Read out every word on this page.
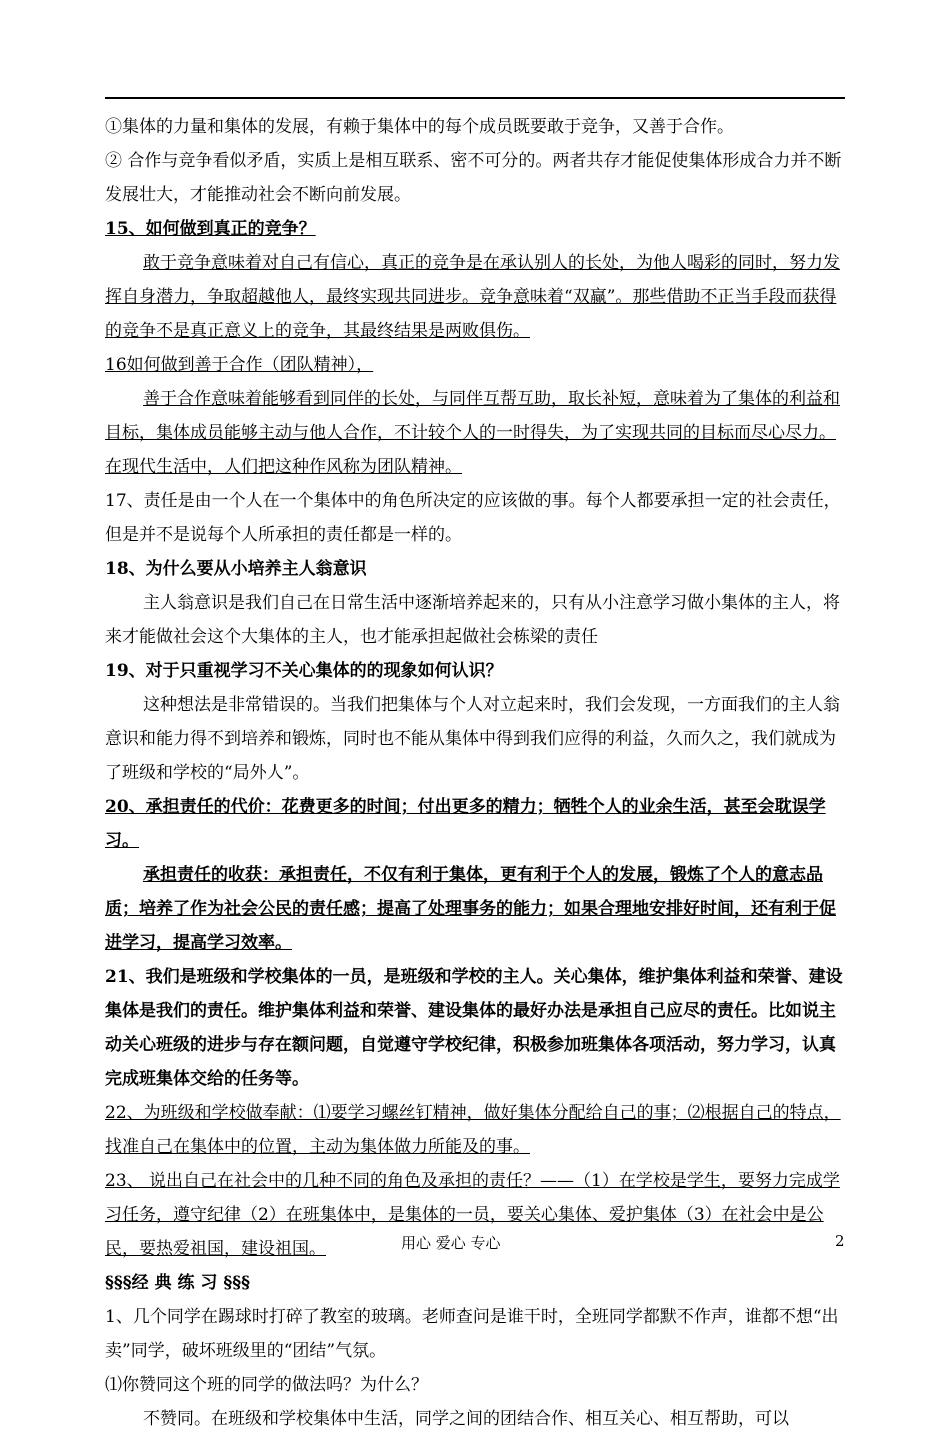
①集体的力量和集体的发展，有赖于集体中的每个成员既要敢于竞争，又善于合作。

② 合作与竞争看似矛盾，实质上是相互联系、密不可分的。两者共存才能促使集体形成合力并不断发展壮大，才能推动社会不断向前发展。

15、如何做到真正的竞争？

敢于竞争意味着对自己有信心，真正的竞争是在承认别人的长处，为他人喝彩的同时，努力发挥自身潜力，争取超越他人，最终实现共同进步。竞争意味着“双赢”。那些借助不正当手段而获得的竞争不是真正意义上的竞争，其最终结果是两败俱伤。

16如何做到善于合作（团队精神），

善于合作意味着能够看到同伴的长处，与同伴互帮互助，取长补短，意味着为了集体的利益和目标，集体成员能够主动与他人合作，不计较个人的一时得失，为了实现共同的目标而尽心尽力。在现代生活中，人们把这种作风称为团队精神。

17、责任是由一个人在一个集体中的角色所决定的应该做的事。每个人都要承担一定的社会责任，但是并不是说每个人所承担的责任都是一样的。

18、为什么要从小培养主人翁意识

主人翁意识是我们自己在日常生活中逐渐培养起来的，只有从小注意学习做小集体的主人，将来才能做社会这个大集体的主人，也才能承担起做社会栋梁的责任

19、对于只重视学习不关心集体的的现象如何认识？

这种想法是非常错误的。当我们把集体与个人对立起来时，我们会发现，一方面我们的主人翁意识和能力得不到培养和锻炼，同时也不能从集体中得到我们应得的利益，久而久之，我们就成为了班级和学校的“局外人”。

20、承担责任的代价：花费更多的时间；付出更多的精力；牺牲个人的业余生活，甚至会耽误学习。

承担责任的收获：承担责任，不仅有利于集体，更有利于个人的发展，锻炼了个人的意志品质；培养了作为社会公民的责任感；提高了处理事务的能力；如果合理地安排好时间，还有利于促进学习，提高学习效率。

21、我们是班级和学校集体的一员，是班级和学校的主人。关心集体，维护集体利益和荣誉、建设集体是我们的责任。维护集体利益和荣誉、建设集体的最好办法是承担自己应尽的责任。比如说主动关心班级的进步与存在额问题，自觉遵守学校纪律，积极参加班集体各项活动，努力学习，认真完成班集体交给的任务等。

22、为班级和学校做奉献：⑴要学习螺丝钉精神，做好集体分配给自己的事；⑵根据自己的特点，找准自己在集体中的位置，主动为集体做力所能及的事。

23、 说出自己在社会中的几种不同的角色及承担的责任？——（1）在学校是学生，要努力完成学习任务，遵守纪律（2）在班集体中，是集体的一员，要关心集体、爱护集体（3）在社会中是公民，要热爱祖国，建设祖国。

§§§经 典 练 习 §§§

1、几个同学在踢球时打碎了教室的玻璃。老师查问是谁干时，全班同学都默不作声，谁都不想“出卖”同学，破坏班级里的“团结”气氛。

⑴你赞同这个班的同学的做法吗？为什么？

不赞同。在班级和学校集体中生活，同学之间的团结合作、相互关心、相互帮助，可以

用心 爱心 专心	2
